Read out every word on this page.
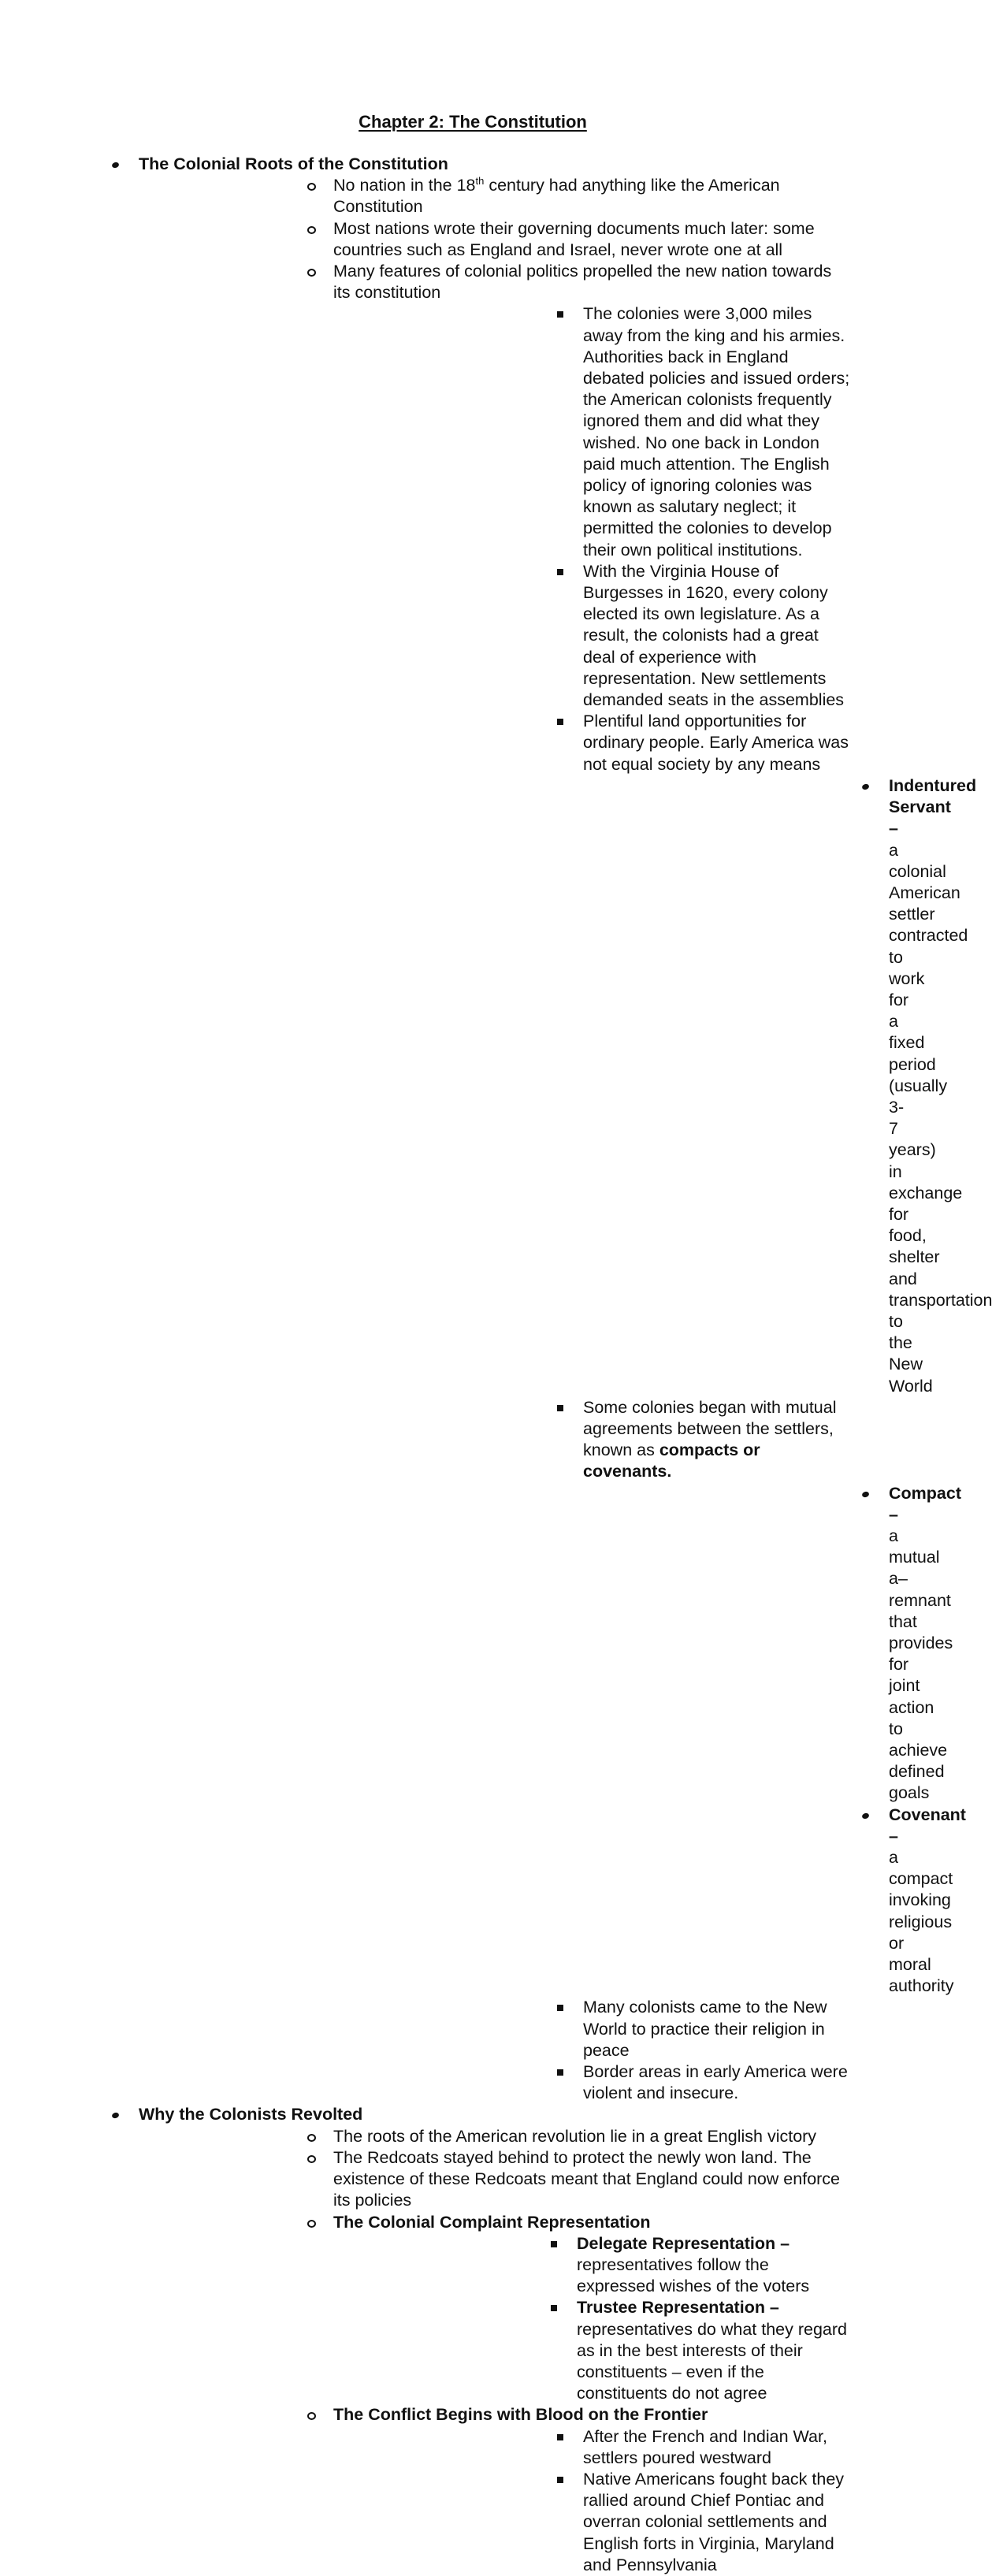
Chapter 2: The Constitution
The Colonial Roots of the Constitution
No nation in the 18th century had anything like the American Constitution
Most nations wrote their governing documents much later: some countries such as England and Israel, never wrote one at all
Many features of colonial politics propelled the new nation towards its constitution
The colonies were 3,000 miles away from the king and his armies. Authorities back in England debated policies and issued orders; the American colonists frequently ignored them and did what they wished. No one back in London paid much attention. The English policy of ignoring colonies was known as salutary neglect; it permitted the colonies to develop their own political institutions.
With the Virginia House of Burgesses in 1620, every colony elected its own legislature. As a result, the colonists had a great deal of experience with representation. New settlements demanded seats in the assemblies
Plentiful land opportunities for ordinary people. Early America was not equal society by any means
Indentured Servant – a colonial American settler contracted to work for a fixed period (usually 3-7 years) in exchange for food, shelter and transportation to the New World
Some colonies began with mutual agreements between the settlers, known as compacts or covenants.
Compact – a mutual a–remnant that provides for joint action to achieve defined goals
Covenant – a compact invoking religious or moral authority
Many colonists came to the New World to practice their religion in peace
Border areas in early America were violent and insecure.
Why the Colonists Revolted
The roots of the American revolution lie in a great English victory
The Redcoats stayed behind to protect the newly won land. The existence of these Redcoats meant that England could now enforce its policies
The Colonial Complaint Representation
Delegate Representation – representatives follow the expressed wishes of the voters
Trustee Representation – representatives do what they regard as in the best interests of their constituents – even if the constituents do not agree
The Conflict Begins with Blood on the Frontier
After the French and Indian War, settlers poured westward
Native Americans fought back they rallied around Chief Pontiac and overran colonial settlements and English forts in Virginia, Maryland and Pennsylvania
